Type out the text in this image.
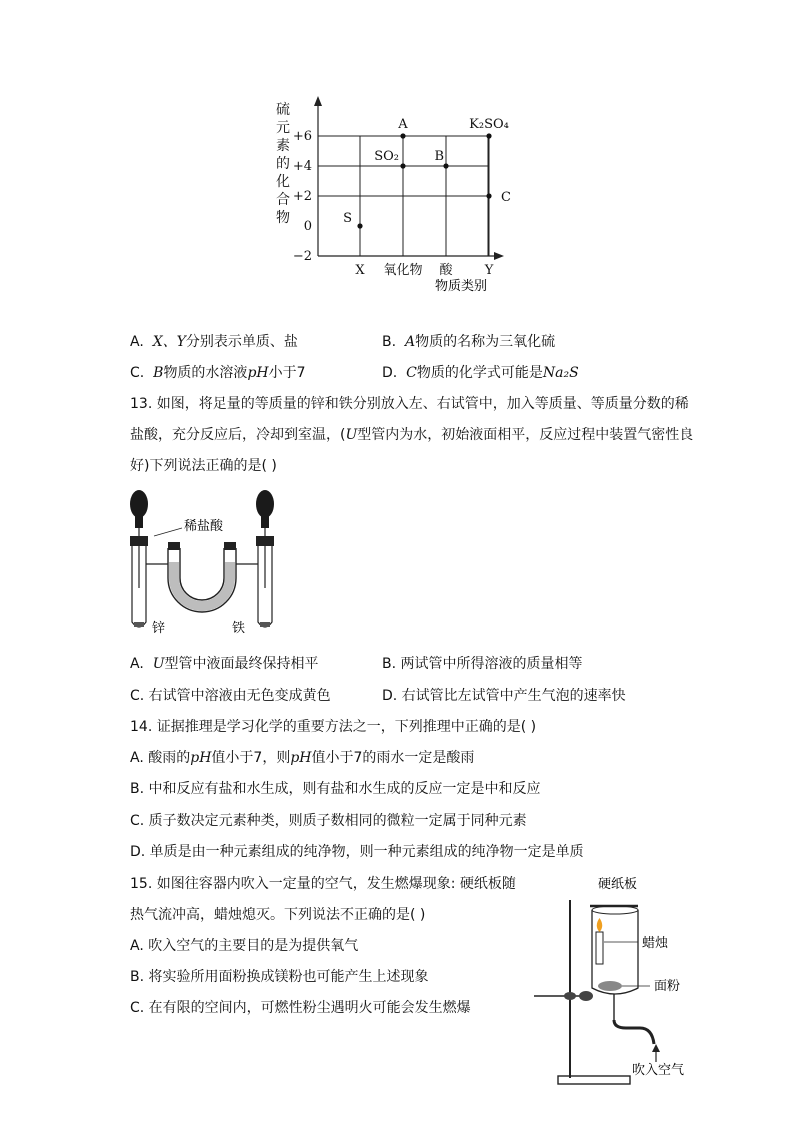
硫
元
素
的
化
合
物
+6
+4
+2
0
−2
X 氧化物 酸 Y
S
SO₂
A
B
K₂SO₄
C
物质类别
A. X、Y分别表示单质、盐	B. A物质的名称为三氧化硫
C. B物质的水溶液pH小于7	D. C物质的化学式可能是Na₂S
13. 如图，将足量的等质量的锌和铁分别放入左、右试管中，加入等质量、等质量分数的稀
盐酸，充分反应后，冷却到室温，(U型管内为水，初始液面相平，反应过程中装置气密性良
好)下列说法正确的是( )
稀盐酸
锌	铁
A. U型管中液面最终保持相平	B. 两试管中所得溶液的质量相等
C. 右试管中溶液由无色变成黄色	D. 右试管比左试管中产生气泡的速率快
14. 证据推理是学习化学的重要方法之一，下列推理中正确的是( )
A. 酸雨的pH值小于7，则pH值小于7的雨水一定是酸雨
B. 中和反应有盐和水生成，则有盐和水生成的反应一定是中和反应
C. 质子数决定元素种类，则质子数相同的微粒一定属于同种元素
D. 单质是由一种元素组成的纯净物，则一种元素组成的纯净物一定是单质
15. 如图往容器内吹入一定量的空气，发生燃爆现象: 硬纸板随
热气流冲高，蜡烛熄灭。下列说法不正确的是( )
A. 吹入空气的主要目的是为提供氧气
B. 将实验所用面粉换成镁粉也可能产生上述现象
C. 在有限的空间内，可燃性粉尘遇明火可能会发生燃爆
硬纸板
蜡烛
面粉
吹入空气
